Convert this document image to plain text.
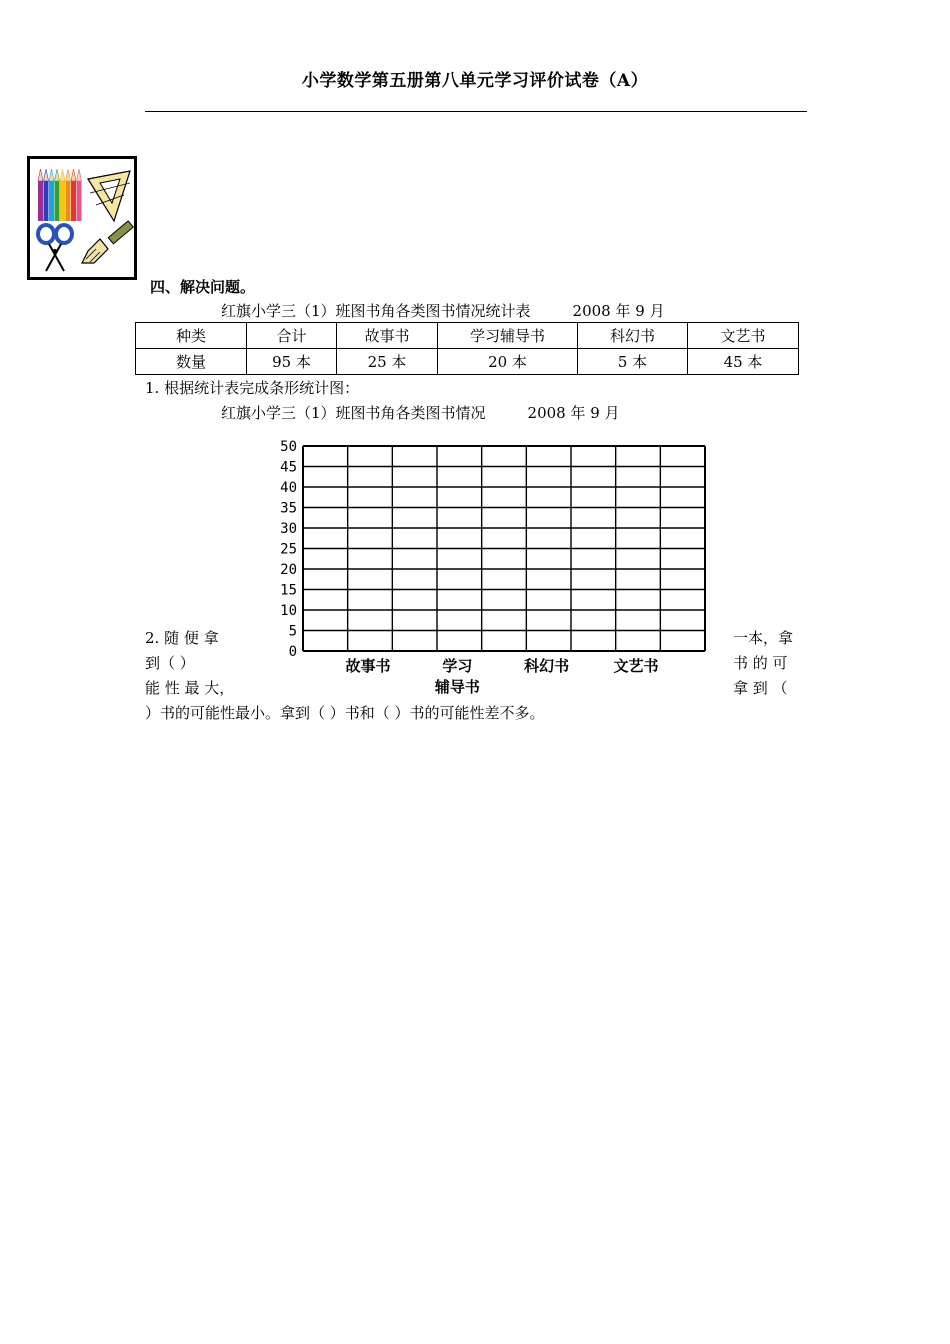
小学数学第五册第八单元学习评价试卷（A）
四、解决问题。
红旗小学三（1）班图书角各类图书情况统计表	2008 年 9 月
种类	合计	故事书	学习辅导书	科幻书	文艺书
数量	95 本	25 本	20 本	5 本	45 本
1. 根据统计表完成条形统计图：
红旗小学三（1）班图书角各类图书情况	2008 年 9 月
0
5
10
15
20
25
30
35
40
45
50
故事书	学习
辅导书
科幻书	文艺书
2. 随 便 拿	一本，拿
到（ ）	书 的 可
能 性 最 大，	拿 到 （
）书的可能性最小。拿到（ ）书和（ ）书的可能性差不多。
